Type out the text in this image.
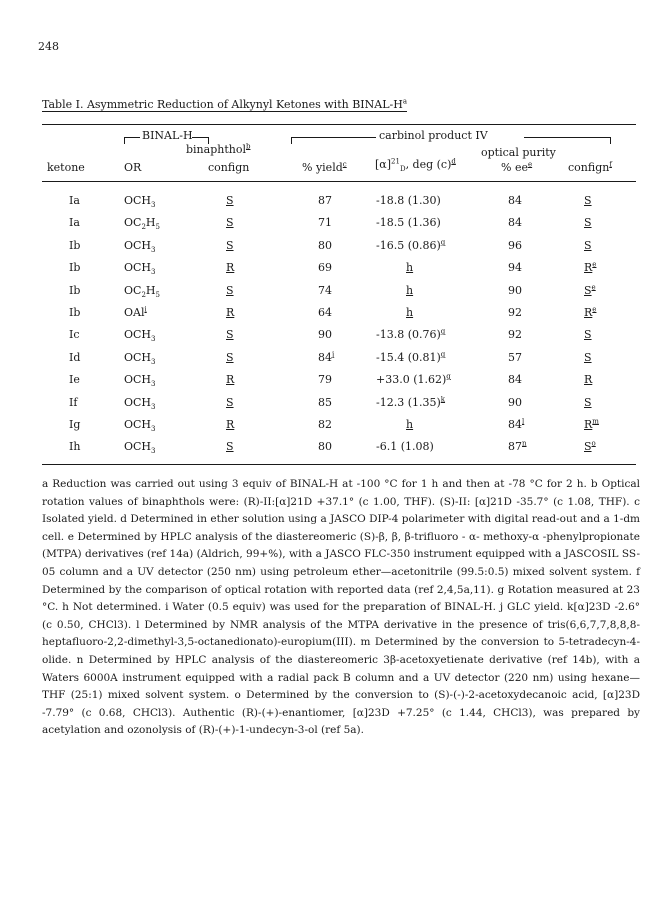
248
Table I. Asymmetric Reduction of Alkynyl Ketones with BINAL-$H^a$
BINAL-H	carbinol product IV
binaphthol$^b$	optical purity
ketone	OR	confign	% yield$^c$	$[\alpha]^{21}_D$, deg $(c)^d$	% $ee^e$	confign$^f$
Ia	$OCH_3$	S	87	-18.8 (1.30)	84	S
Ia	$OC_2H_5$	S	71	-18.5 (1.36)	84	S
Ib	$OCH_3$	S	80	-16.5 $(0.86)^g$	96	S
Ib	$OCH_3$	R	69	h	94	$R^e$
Ib	$OC_2H_5$	S	74	h	90	$S^e$
Ib	OAl$^i$	R	64	h	92	$R^e$
Ic	$OCH_3$	S	90	-13.8 $(0.76)^g$	92	S
Id	$OCH_3$	S	84$^j$	-15.4 $(0.81)^g$	57	S
Ie	$OCH_3$	R	79	+33.0 $(1.62)^g$	84	R
If	$OCH_3$	S	85	-12.3 $(1.35)^k$	90	S
Ig	$OCH_3$	R	82	h	84$^l$	$R^m$
Ih	$OCH_3$	S	80	-6.1 (1.08)	87$^n$	$S^o$

a Reduction was carried out using 3 equiv of BINAL-H at -100 °C for 1 h and then at -78 °C for 2 h. b Optical rotation values of binaphthols were: (R)-II:[α]21D +37.1° (c 1.00, THF). (S)-II: [α]21D -35.7° (c 1.08, THF). c Isolated yield. d Determined in ether solution using a JASCO DIP-4 polarimeter with digital read-out and a 1-dm cell. e Determined by HPLC analysis of the diastereomeric (S)-β, β, β-trifluoro - α- methoxy-α -phenylpropionate (MTPA) derivatives (ref 14a) (Aldrich, 99+%), with a JASCO FLC-350 instrument equipped with a JASCOSIL SS-05 column and a UV detector (250 nm) using petroleum ether—acetonitrile (99.5:0.5) mixed solvent system. f Determined by the comparison of optical rotation with reported data (ref 2,4,5a,11). g Rotation measured at 23 °C. h Not determined. i Water (0.5 equiv) was used for the preparation of BINAL-H. j GLC yield. k[α]23D -2.6° (c 0.50, CHCl3). l Determined by NMR analysis of the MTPA derivative in the presence of tris(6,6,7,7,8,8,8-heptafluoro-2,2-dimethyl-3,5-octanedionato)-europium(III). m Determined by the conversion to 5-tetradecyn-4-olide. n Determined by HPLC analysis of the diastereomeric 3β-acetoxyetienate derivative (ref 14b), with a Waters 6000A instrument equipped with a radial pack B column and a UV detector (220 nm) using hexane—THF (25:1) mixed solvent system. o Determined by the conversion to (S)-(-)-2-acetoxydecanoic acid, [α]23D -7.79° (c 0.68, CHCl3). Authentic (R)-(+)-enantiomer, [α]23D +7.25° (c 1.44, CHCl3), was prepared by acetylation and ozonolysis of (R)-(+)-1-undecyn-3-ol (ref 5a).
